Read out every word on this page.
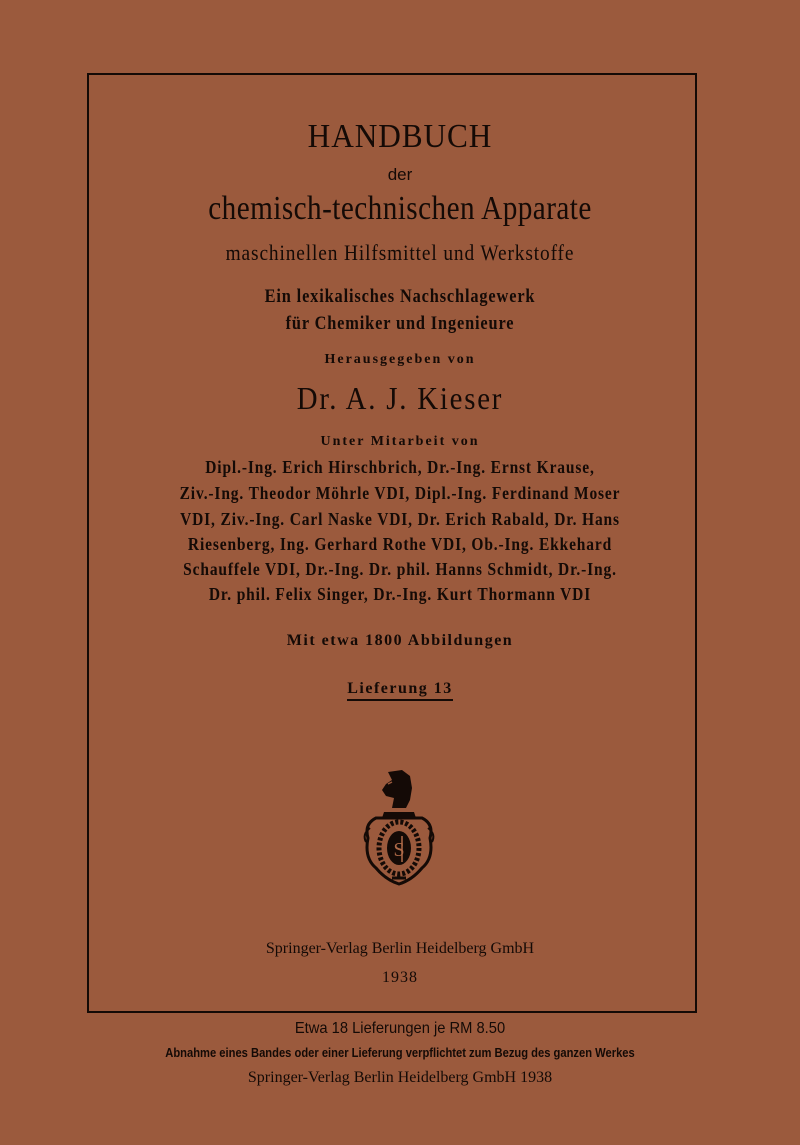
HANDBUCH
der
chemisch-technischen Apparate
maschinellen Hilfsmittel und Werkstoffe
Ein lexikalisches Nachschlagewerk
für Chemiker und Ingenieure
Herausgegeben von
Dr. A. J. Kieser
Unter Mitarbeit von
Dipl.-Ing. Erich Hirschbrich, Dr.-Ing. Ernst Krause,
Ziv.-Ing. Theodor Möhrle VDI, Dipl.-Ing. Ferdinand Moser
VDI, Ziv.-Ing. Carl Naske VDI, Dr. Erich Rabald, Dr. Hans
Riesenberg, Ing. Gerhard Rothe VDI, Ob.-Ing. Ekkehard
Schauffele VDI, Dr.-Ing. Dr. phil. Hanns Schmidt, Dr.-Ing.
Dr. phil. Felix Singer, Dr.-Ing. Kurt Thormann VDI
Mit etwa 1800 Abbildungen
Lieferung 13
S
Springer-Verlag Berlin Heidelberg GmbH
1938
Etwa 18 Lieferungen je RM 8.50
Abnahme eines Bandes oder einer Lieferung verpflichtet zum Bezug des ganzen Werkes
Springer-Verlag Berlin Heidelberg GmbH 1938
